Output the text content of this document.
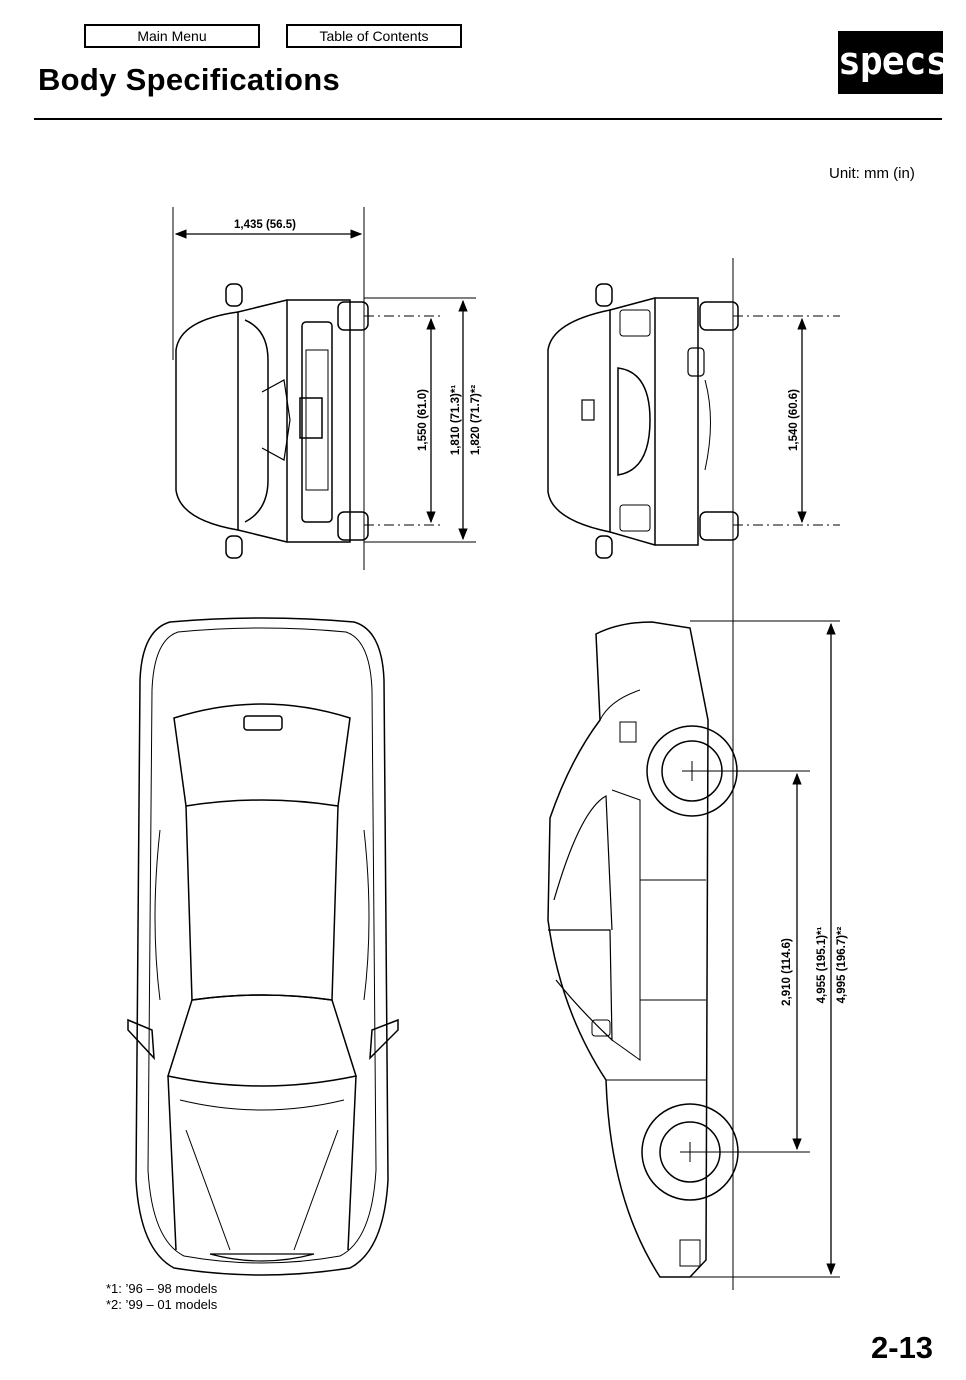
Main Menu	Table of Contents
Body Specifications	specs
Unit: mm (in)
1,435 (56.5)
1,550 (61.0) 1,810 (71.3)*¹ 1,820 (71.7)*²	1,540 (60.6)
2,910 (114.6) 4,955 (195.1)*¹ 4,995 (196.7)*²
*1: ’96 – 98 models
*2: ’99 – 01 models
2-13
